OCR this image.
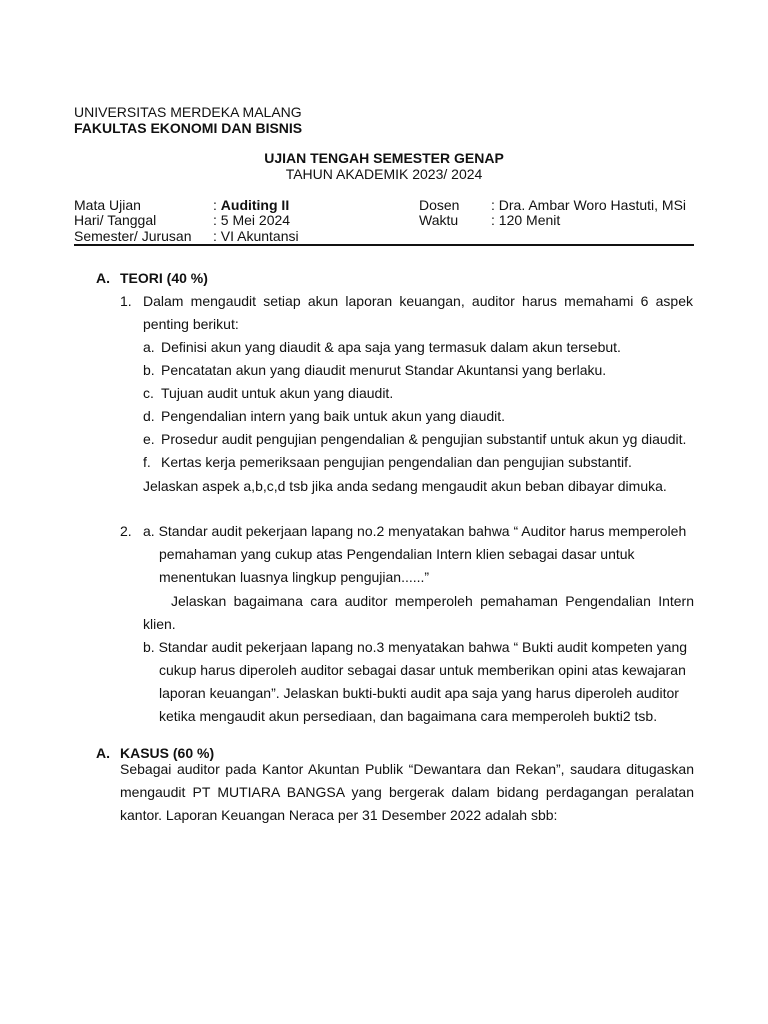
UNIVERSITAS MERDEKA MALANG
FAKULTAS EKONOMI DAN BISNIS
UJIAN TENGAH SEMESTER GENAP
TAHUN AKADEMIK 2023/ 2024
Mata Ujian	: Auditing II	Dosen : Dra. Ambar Woro Hastuti, MSi
Hari/ Tanggal	: 5 Mei 2024	Waktu : 120 Menit
Semester/ Jurusan : VI Akuntansi
A. TEORI (40 %)
1. Dalam mengaudit setiap akun laporan keuangan, auditor harus memahami 6 aspek
penting berikut:
a. Definisi akun yang diaudit & apa saja yang termasuk dalam akun tersebut.
b. Pencatatan akun yang diaudit menurut Standar Akuntansi yang berlaku.
c. Tujuan audit untuk akun yang diaudit.
d. Pengendalian intern yang baik untuk akun yang diaudit.
e. Prosedur audit pengujian pengendalian & pengujian substantif untuk akun yg diaudit.
f. Kertas kerja pemeriksaan pengujian pengendalian dan pengujian substantif.
Jelaskan aspek a,b,c,d tsb jika anda sedang mengaudit akun beban dibayar dimuka.
2. a. Standar audit pekerjaan lapang no.2 menyatakan bahwa “ Auditor harus memperoleh
pemahaman yang cukup atas Pengendalian Intern klien sebagai dasar untuk
menentukan luasnya lingkup pengujian......”
Jelaskan bagaimana cara auditor memperoleh pemahaman Pengendalian Intern
klien.
b. Standar audit pekerjaan lapang no.3 menyatakan bahwa “ Bukti audit kompeten yang
cukup harus diperoleh auditor sebagai dasar untuk memberikan opini atas kewajaran
laporan keuangan”. Jelaskan bukti-bukti audit apa saja yang harus diperoleh auditor
ketika mengaudit akun persediaan, dan bagaimana cara memperoleh bukti2 tsb.
A. KASUS (60 %)
Sebagai auditor pada Kantor Akuntan Publik “Dewantara dan Rekan”, saudara ditugaskan
mengaudit PT MUTIARA BANGSA yang bergerak dalam bidang perdagangan peralatan
kantor. Laporan Keuangan Neraca per 31 Desember 2022 adalah sbb:
